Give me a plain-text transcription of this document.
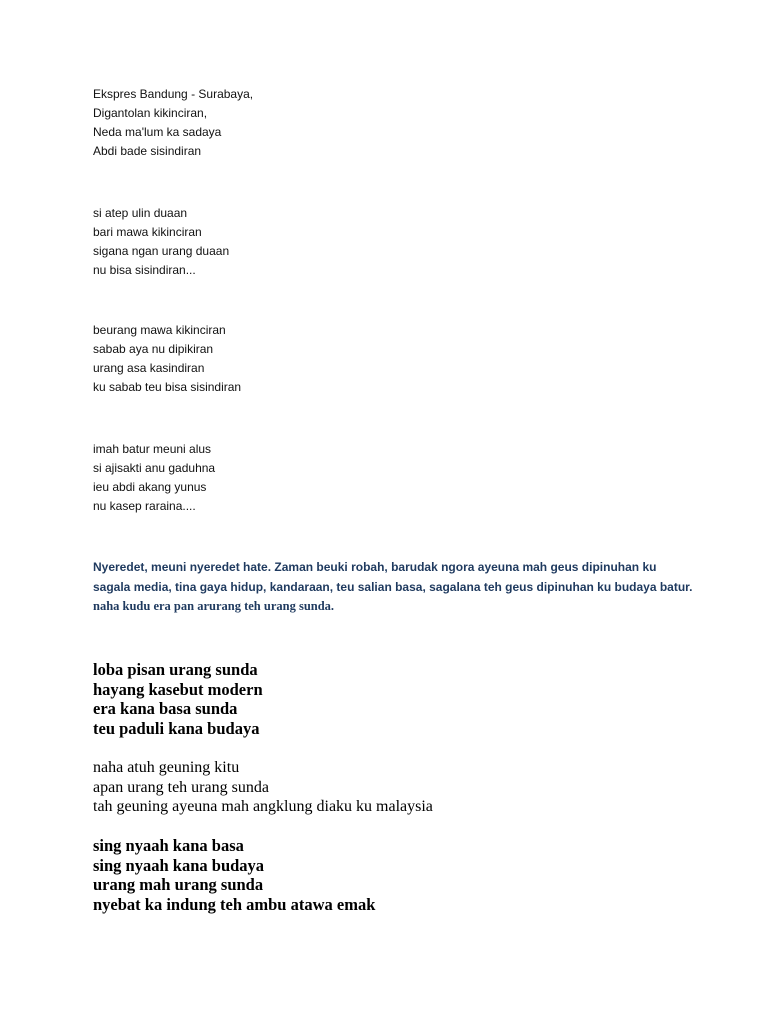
Ekspres Bandung - Surabaya,
Digantolan kikinciran,
Neda ma'lum ka sadaya
Abdi bade sisindiran
si atep ulin duaan
bari mawa kikinciran
sigana ngan urang duaan
nu bisa sisindiran...
beurang mawa kikinciran
sabab aya nu dipikiran
urang asa kasindiran
ku sabab teu bisa sisindiran
imah batur meuni alus
si ajisakti anu gaduhna
ieu abdi akang yunus
nu kasep raraina....
Nyeredet, meuni nyeredet hate. Zaman beuki robah, barudak ngora ayeuna mah geus dipinuhan ku sagala media, tina gaya hidup, kandaraan, teu salian basa, sagalana teh geus dipinuhan ku budaya batur. naha kudu era pan arurang teh urang sunda.
loba pisan urang sunda
hayang kasebut modern
era kana basa sunda
teu paduli kana budaya
naha atuh geuning kitu
apan urang teh urang sunda
tah geuning ayeuna mah angklung diaku ku malaysia
sing nyaah kana basa
sing nyaah kana budaya
urang mah urang sunda
nyebat ka indung teh ambu atawa emak
